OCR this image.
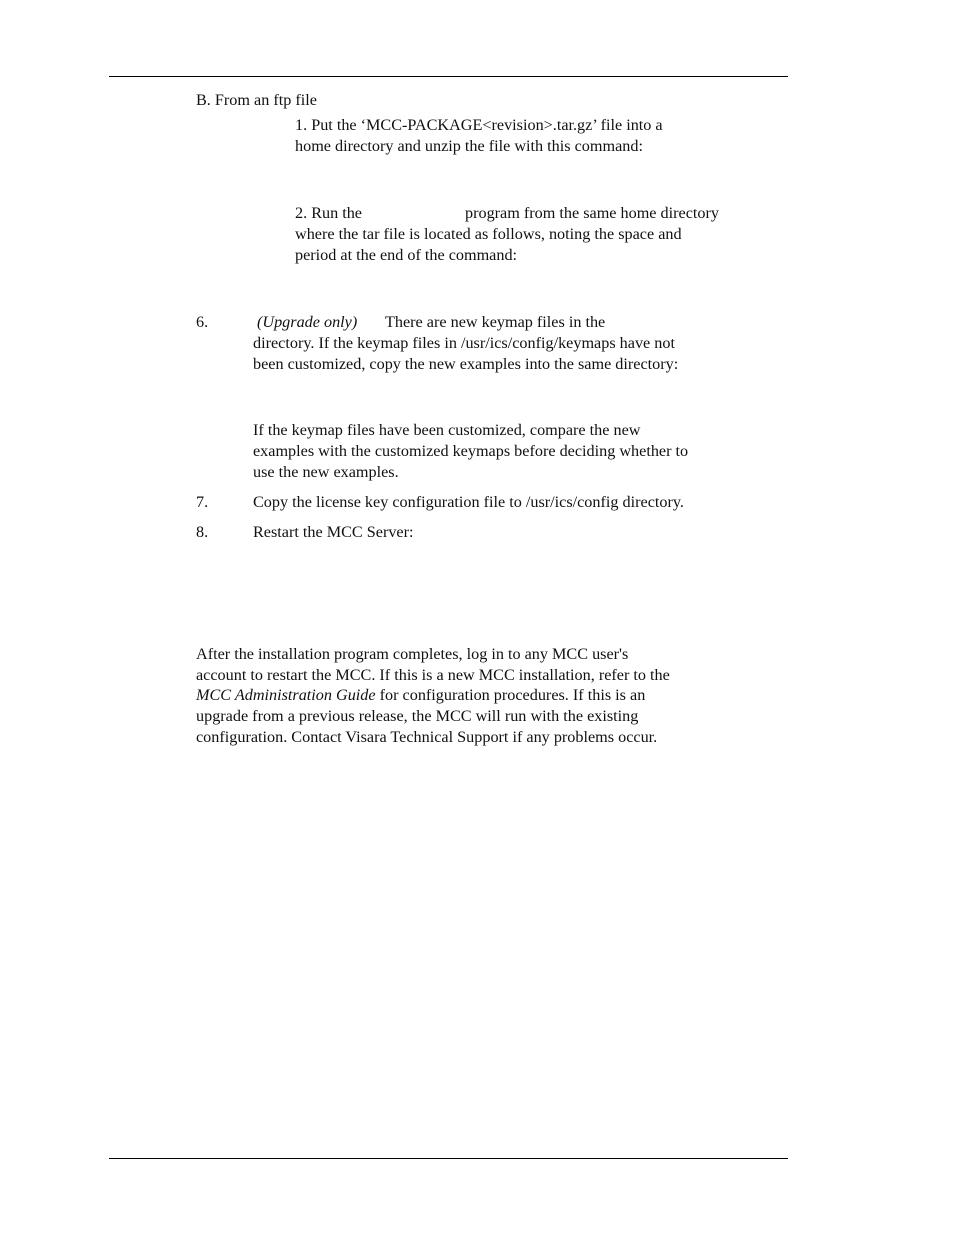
B. From an ftp file
1. Put the ‘MCC-PACKAGE<revision>.tar.gz’ file into a
home directory and unzip the file with this command:
2. Run the	program from the same home directory
where the tar file is located as follows, noting the space and
period at the end of the command:
6.	(Upgrade only) There are new keymap files in the
directory. If the keymap files in /usr/ics/config/keymaps have not
been customized, copy the new examples into the same directory:
If the keymap files have been customized, compare the new
examples with the customized keymaps before deciding whether to
use the new examples.
7.	Copy the license key configuration file to /usr/ics/config directory.
8.	Restart the MCC Server:
After the installation program completes, log in to any MCC user's
account to restart the MCC. If this is a new MCC installation, refer to the
MCC Administration Guide for configuration procedures. If this is an
upgrade from a previous release, the MCC will run with the existing
configuration. Contact Visara Technical Support if any problems occur.
